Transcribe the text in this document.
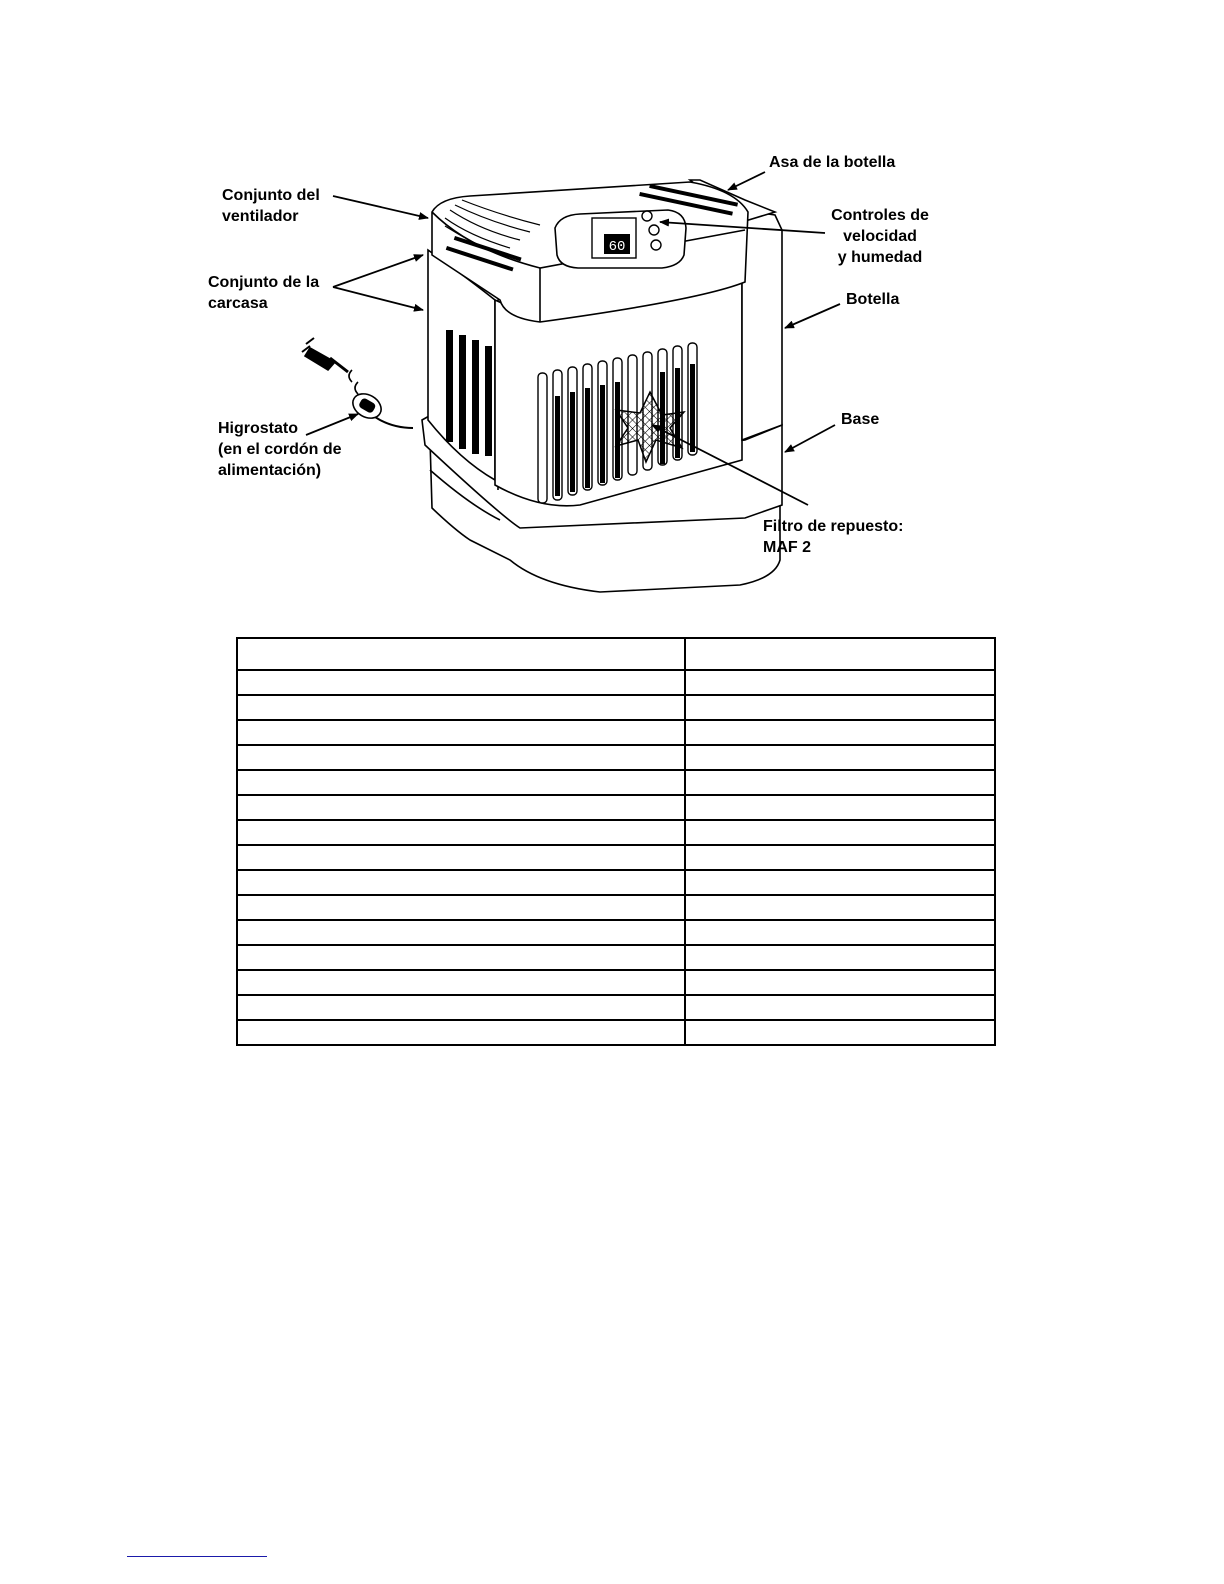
60
Asa de la botella
Conjunto del
ventilador	Controles de
velocidad
y humedad
Conjunto de la
carcasa	Botella
Higrostato
(en el cordón de
alimentación)
Base
Filtro de repuesto:
MAF 2
